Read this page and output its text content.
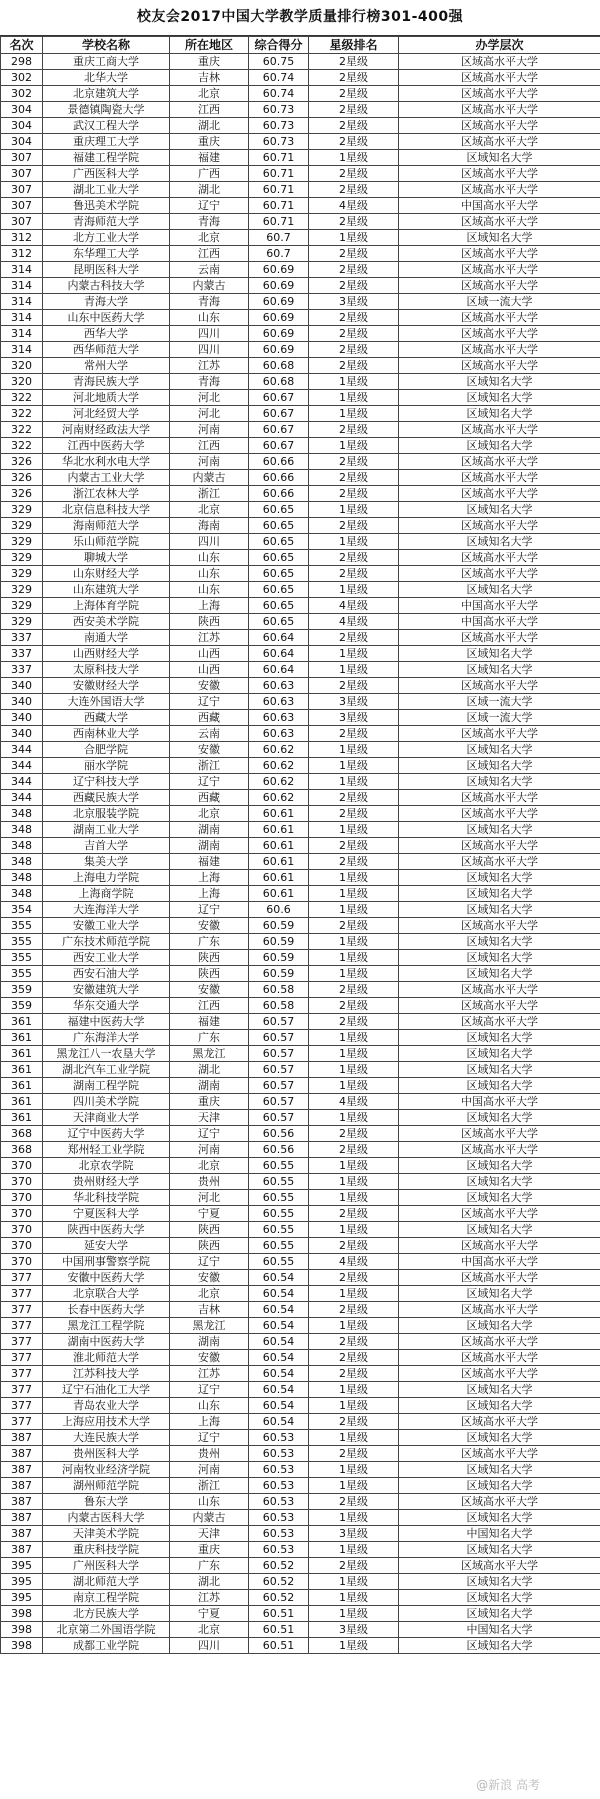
校友会2017中国大学教学质量排行榜301-400强
名次	学校名称	所在地区	综合得分	星级排名	办学层次
298	重庆工商大学	重庆	60.75	2星级	区域高水平大学
302	北华大学	吉林	60.74	2星级	区域高水平大学
302	北京建筑大学	北京	60.74	2星级	区域高水平大学
304	景德镇陶瓷大学	江西	60.73	2星级	区域高水平大学
304	武汉工程大学	湖北	60.73	2星级	区域高水平大学
304	重庆理工大学	重庆	60.73	2星级	区域高水平大学
307	福建工程学院	福建	60.71	1星级	区域知名大学
307	广西医科大学	广西	60.71	2星级	区域高水平大学
307	湖北工业大学	湖北	60.71	2星级	区域高水平大学
307	鲁迅美术学院	辽宁	60.71	4星级	中国高水平大学
307	青海师范大学	青海	60.71	2星级	区域高水平大学
312	北方工业大学	北京	60.7	1星级	区域知名大学
312	东华理工大学	江西	60.7	2星级	区域高水平大学
314	昆明医科大学	云南	60.69	2星级	区域高水平大学
314	内蒙古科技大学	内蒙古	60.69	2星级	区域高水平大学
314	青海大学	青海	60.69	3星级	区域一流大学
314	山东中医药大学	山东	60.69	2星级	区域高水平大学
314	西华大学	四川	60.69	2星级	区域高水平大学
314	西华师范大学	四川	60.69	2星级	区域高水平大学
320	常州大学	江苏	60.68	2星级	区域高水平大学
320	青海民族大学	青海	60.68	1星级	区域知名大学
322	河北地质大学	河北	60.67	1星级	区域知名大学
322	河北经贸大学	河北	60.67	1星级	区域知名大学
322	河南财经政法大学	河南	60.67	2星级	区域高水平大学
322	江西中医药大学	江西	60.67	1星级	区域知名大学
326	华北水利水电大学	河南	60.66	2星级	区域高水平大学
326	内蒙古工业大学	内蒙古	60.66	2星级	区域高水平大学
326	浙江农林大学	浙江	60.66	2星级	区域高水平大学
329	北京信息科技大学	北京	60.65	1星级	区域知名大学
329	海南师范大学	海南	60.65	2星级	区域高水平大学
329	乐山师范学院	四川	60.65	1星级	区域知名大学
329	聊城大学	山东	60.65	2星级	区域高水平大学
329	山东财经大学	山东	60.65	2星级	区域高水平大学
329	山东建筑大学	山东	60.65	1星级	区域知名大学
329	上海体育学院	上海	60.65	4星级	中国高水平大学
329	西安美术学院	陕西	60.65	4星级	中国高水平大学
337	南通大学	江苏	60.64	2星级	区域高水平大学
337	山西财经大学	山西	60.64	1星级	区域知名大学
337	太原科技大学	山西	60.64	1星级	区域知名大学
340	安徽财经大学	安徽	60.63	2星级	区域高水平大学
340	大连外国语大学	辽宁	60.63	3星级	区域一流大学
340	西藏大学	西藏	60.63	3星级	区域一流大学
340	西南林业大学	云南	60.63	2星级	区域高水平大学
344	合肥学院	安徽	60.62	1星级	区域知名大学
344	丽水学院	浙江	60.62	1星级	区域知名大学
344	辽宁科技大学	辽宁	60.62	1星级	区域知名大学
344	西藏民族大学	西藏	60.62	2星级	区域高水平大学
348	北京服装学院	北京	60.61	2星级	区域高水平大学
348	湖南工业大学	湖南	60.61	1星级	区域知名大学
348	吉首大学	湖南	60.61	2星级	区域高水平大学
348	集美大学	福建	60.61	2星级	区域高水平大学
348	上海电力学院	上海	60.61	1星级	区域知名大学
348	上海商学院	上海	60.61	1星级	区域知名大学
354	大连海洋大学	辽宁	60.6	1星级	区域知名大学
355	安徽工业大学	安徽	60.59	2星级	区域高水平大学
355	广东技术师范学院	广东	60.59	1星级	区域知名大学
355	西安工业大学	陕西	60.59	1星级	区域知名大学
355	西安石油大学	陕西	60.59	1星级	区域知名大学
359	安徽建筑大学	安徽	60.58	2星级	区域高水平大学
359	华东交通大学	江西	60.58	2星级	区域高水平大学
361	福建中医药大学	福建	60.57	2星级	区域高水平大学
361	广东海洋大学	广东	60.57	1星级	区域知名大学
361	黑龙江八一农垦大学	黑龙江	60.57	1星级	区域知名大学
361	湖北汽车工业学院	湖北	60.57	1星级	区域知名大学
361	湖南工程学院	湖南	60.57	1星级	区域知名大学
361	四川美术学院	重庆	60.57	4星级	中国高水平大学
361	天津商业大学	天津	60.57	1星级	区域知名大学
368	辽宁中医药大学	辽宁	60.56	2星级	区域高水平大学
368	郑州轻工业学院	河南	60.56	2星级	区域高水平大学
370	北京农学院	北京	60.55	1星级	区域知名大学
370	贵州财经大学	贵州	60.55	1星级	区域知名大学
370	华北科技学院	河北	60.55	1星级	区域知名大学
370	宁夏医科大学	宁夏	60.55	2星级	区域高水平大学
370	陕西中医药大学	陕西	60.55	1星级	区域知名大学
370	延安大学	陕西	60.55	2星级	区域高水平大学
370	中国刑事警察学院	辽宁	60.55	4星级	中国高水平大学
377	安徽中医药大学	安徽	60.54	2星级	区域高水平大学
377	北京联合大学	北京	60.54	1星级	区域知名大学
377	长春中医药大学	吉林	60.54	2星级	区域高水平大学
377	黑龙江工程学院	黑龙江	60.54	1星级	区域知名大学
377	湖南中医药大学	湖南	60.54	2星级	区域高水平大学
377	淮北师范大学	安徽	60.54	2星级	区域高水平大学
377	江苏科技大学	江苏	60.54	2星级	区域高水平大学
377	辽宁石油化工大学	辽宁	60.54	1星级	区域知名大学
377	青岛农业大学	山东	60.54	1星级	区域知名大学
377	上海应用技术大学	上海	60.54	2星级	区域高水平大学
387	大连民族大学	辽宁	60.53	1星级	区域知名大学
387	贵州医科大学	贵州	60.53	2星级	区域高水平大学
387	河南牧业经济学院	河南	60.53	1星级	区域知名大学
387	湖州师范学院	浙江	60.53	1星级	区域知名大学
387	鲁东大学	山东	60.53	2星级	区域高水平大学
387	内蒙古医科大学	内蒙古	60.53	1星级	区域知名大学
387	天津美术学院	天津	60.53	3星级	中国知名大学
387	重庆科技学院	重庆	60.53	1星级	区域知名大学
395	广州医科大学	广东	60.52	2星级	区域高水平大学
395	湖北师范大学	湖北	60.52	1星级	区域知名大学
395	南京工程学院	江苏	60.52	1星级	区域知名大学
398	北方民族大学	宁夏	60.51	1星级	区域知名大学
398	北京第二外国语学院	北京	60.51	3星级	中国知名大学
398	成都工业学院	四川	60.51	1星级	区域知名大学
@新浪 高考
